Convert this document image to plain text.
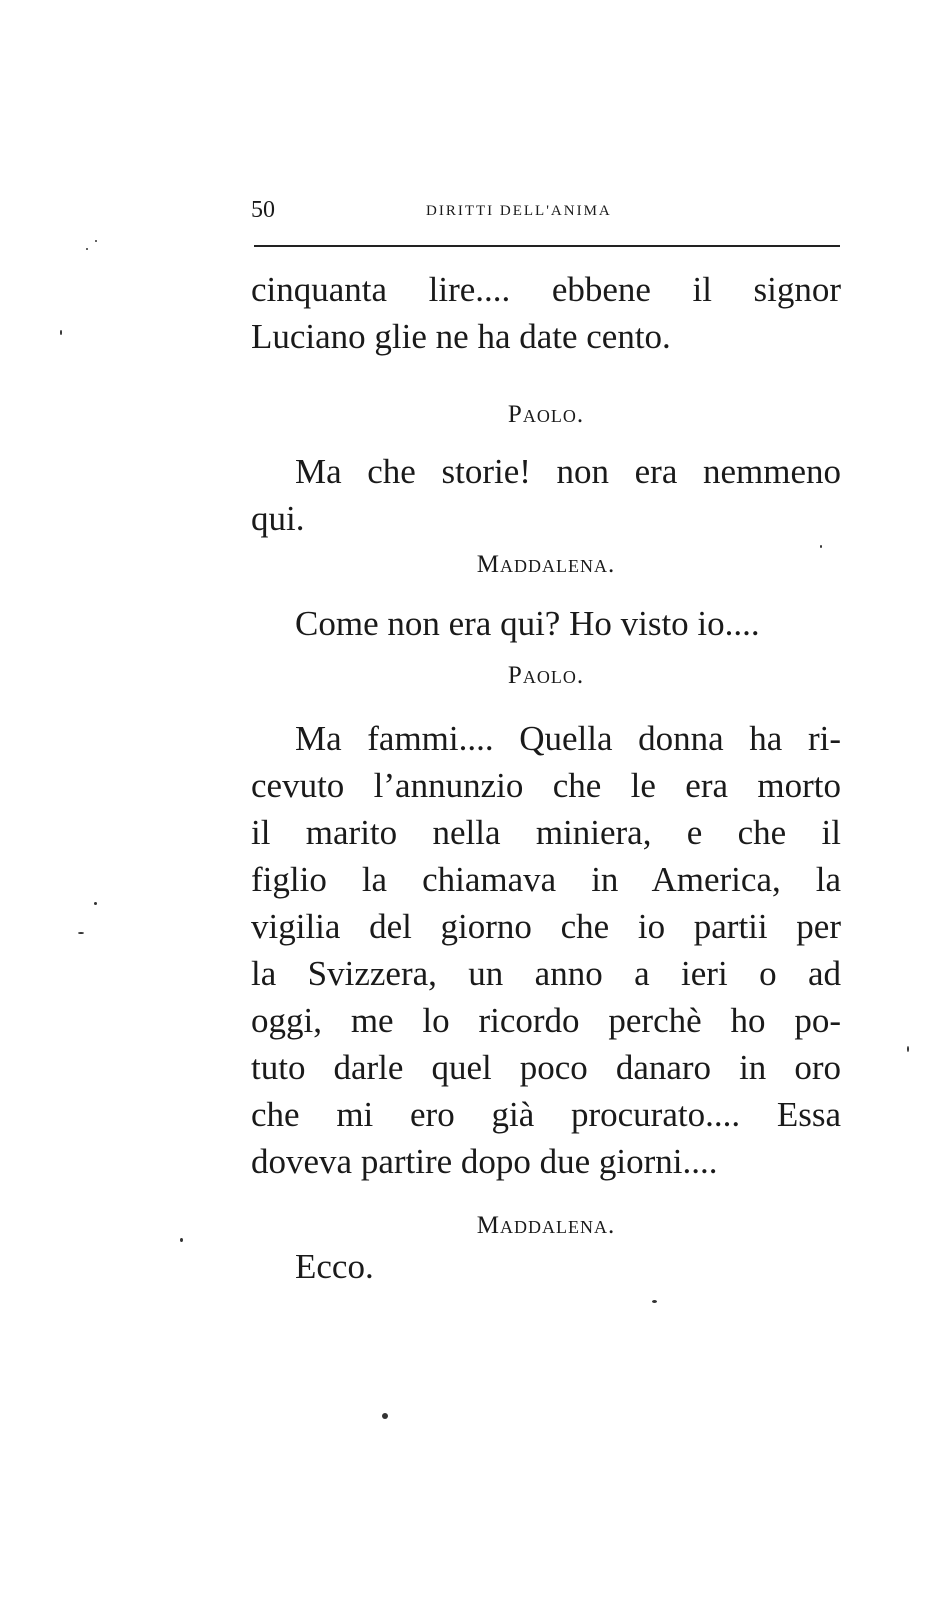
50	DIRITTI DELL'ANIMA

cinquanta lire.... ebbene il signor

Luciano glie ne ha date cento.

Paolo.

Ma che storie! non era nemmeno

qui.

Maddalena.

Come non era qui? Ho visto io....

Paolo.

Ma fammi.... Quella donna ha ri-

cevuto l’annunzio che le era morto

il marito nella miniera, e che il

figlio la chiamava in America, la

vigilia del giorno che io partii per

la Svizzera, un anno a ieri o ad

oggi, me lo ricordo perchè ho po-

tuto darle quel poco danaro in oro

che mi ero già procurato.... Essa

doveva partire dopo due giorni....

Maddalena.

Ecco.
